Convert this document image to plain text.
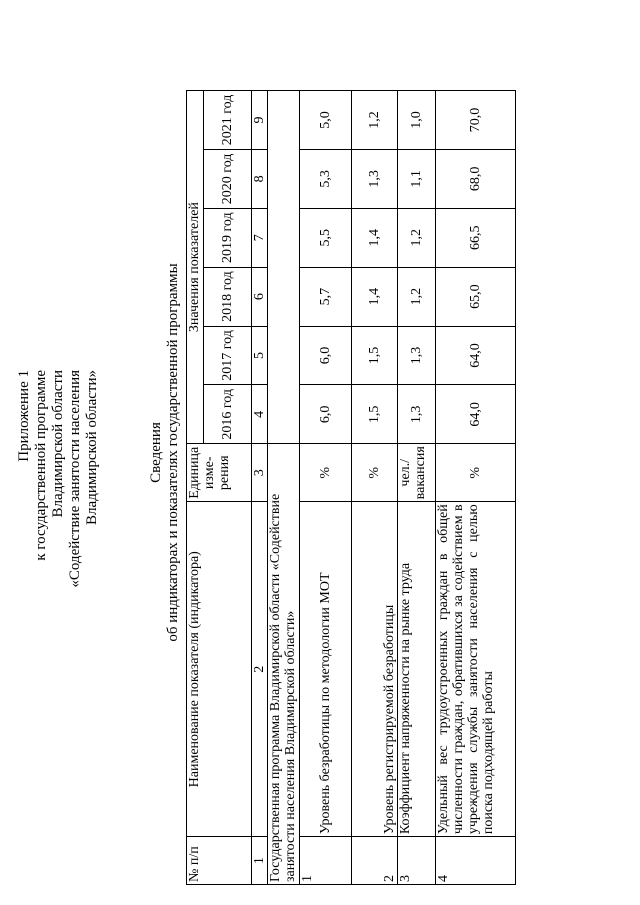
Приложение 1 к государственной программе Владимирской области «Содействие занятости населения Владимирской области»	Сведения об индикаторах и показателях государственной программы
№ п/п	Наименование показателя (индикатора)	Единица изме- рения	Значения показателей					
			2016 год	2017 год	2018 год	2019 год	2020 год	2021 год
1	2	3	4	5	6	7	8	9
Государственная программа Владимирской области «Содействие занятости населения Владимирской области»								
1	Уровень безработицы по методологии МОТ	%	6,0	6,0	5,7	5,5	5,3	5,0
2	Уровень регистрируемой безработицы	%	1,5	1,5	1,4	1,4	1,3	1,2
3	Коэффициент напряженности на рынке труда	чел./ вакансия	1,3	1,3	1,2	1,2	1,1	1,0
4	Удельный вес трудоустроенных граждан в общей численности граждан, обратившихся за содействием в учреждения службы занятости населения с целью поиска подходящей работы	%	64,0	64,0	65,0	66,5	68,0	70,0
